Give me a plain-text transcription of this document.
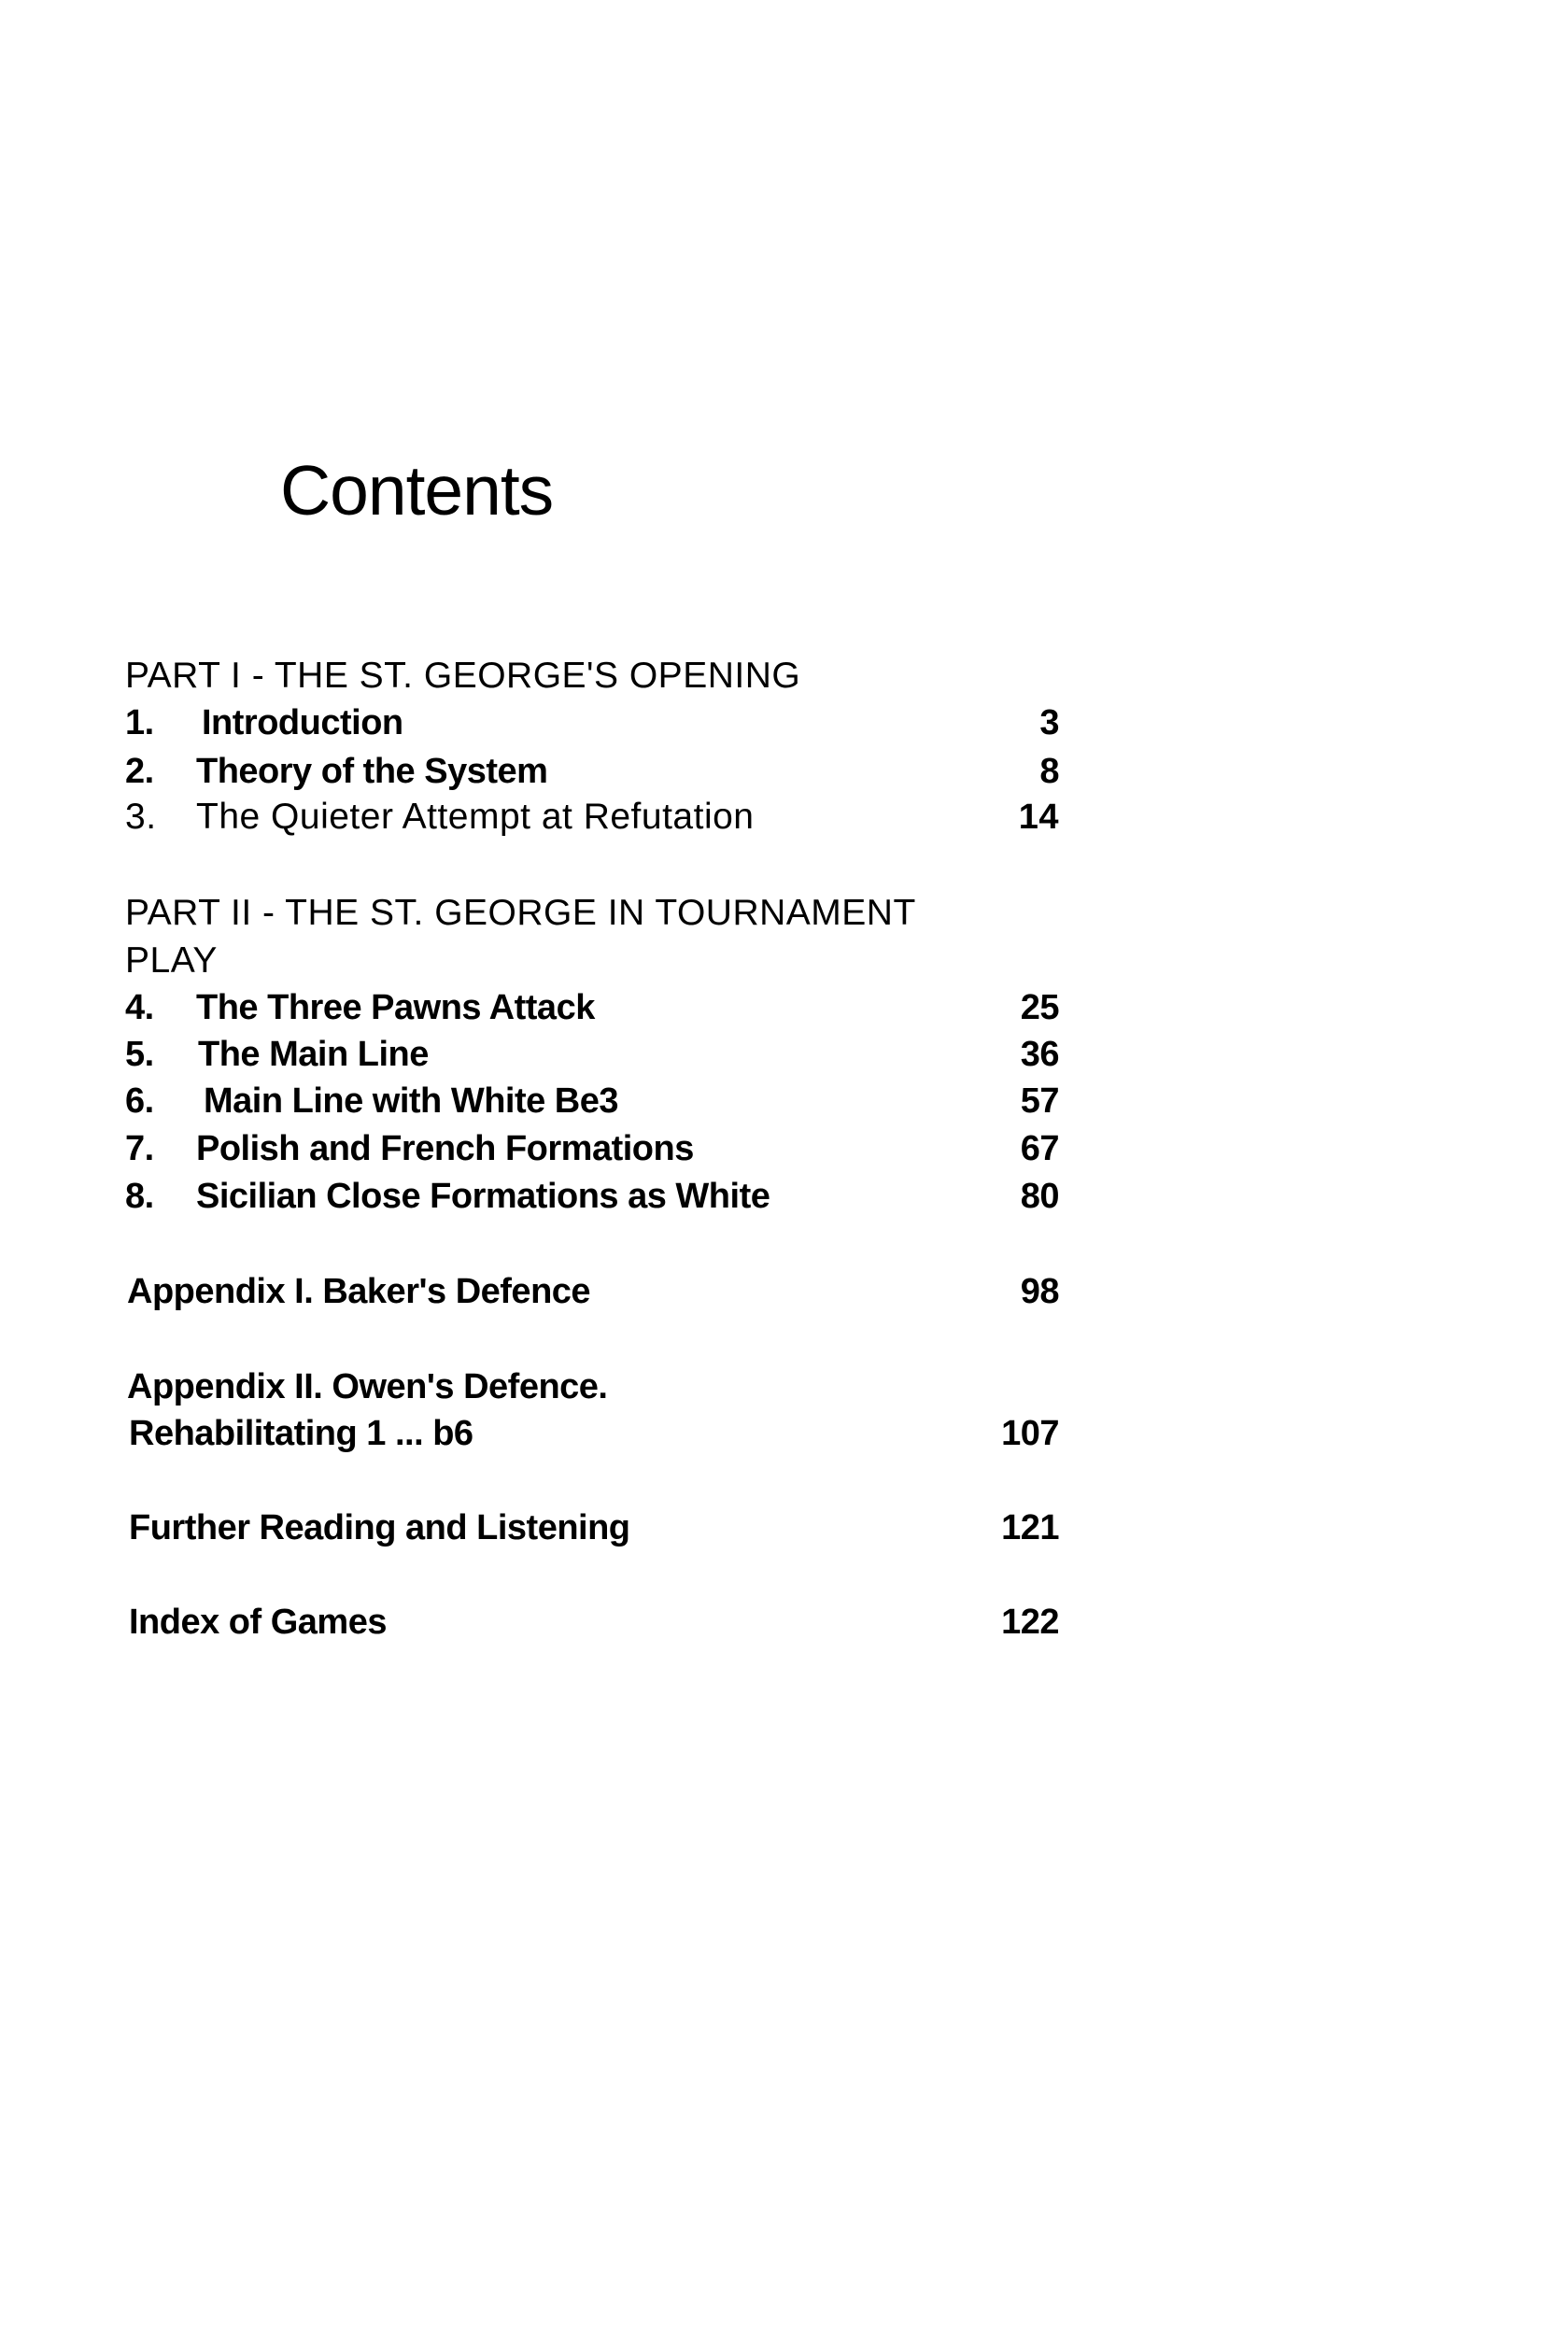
Contents
PART I - THE ST. GEORGE'S OPENING
1. Introduction	3
2. Theory of the System	8
3. The Quieter Attempt at Refutation	14
PART II - THE ST. GEORGE IN TOURNAMENT
PLAY
4. The Three Pawns Attack	25
5. The Main Line	36
6. Main Line with White Be3	57
7. Polish and French Formations	67
8. Sicilian Close Formations as White	80
Appendix I. Baker's Defence	98
Appendix II. Owen's Defence.
Rehabilitating 1 ... b6	107
Further Reading and Listening	121
Index of Games	122
